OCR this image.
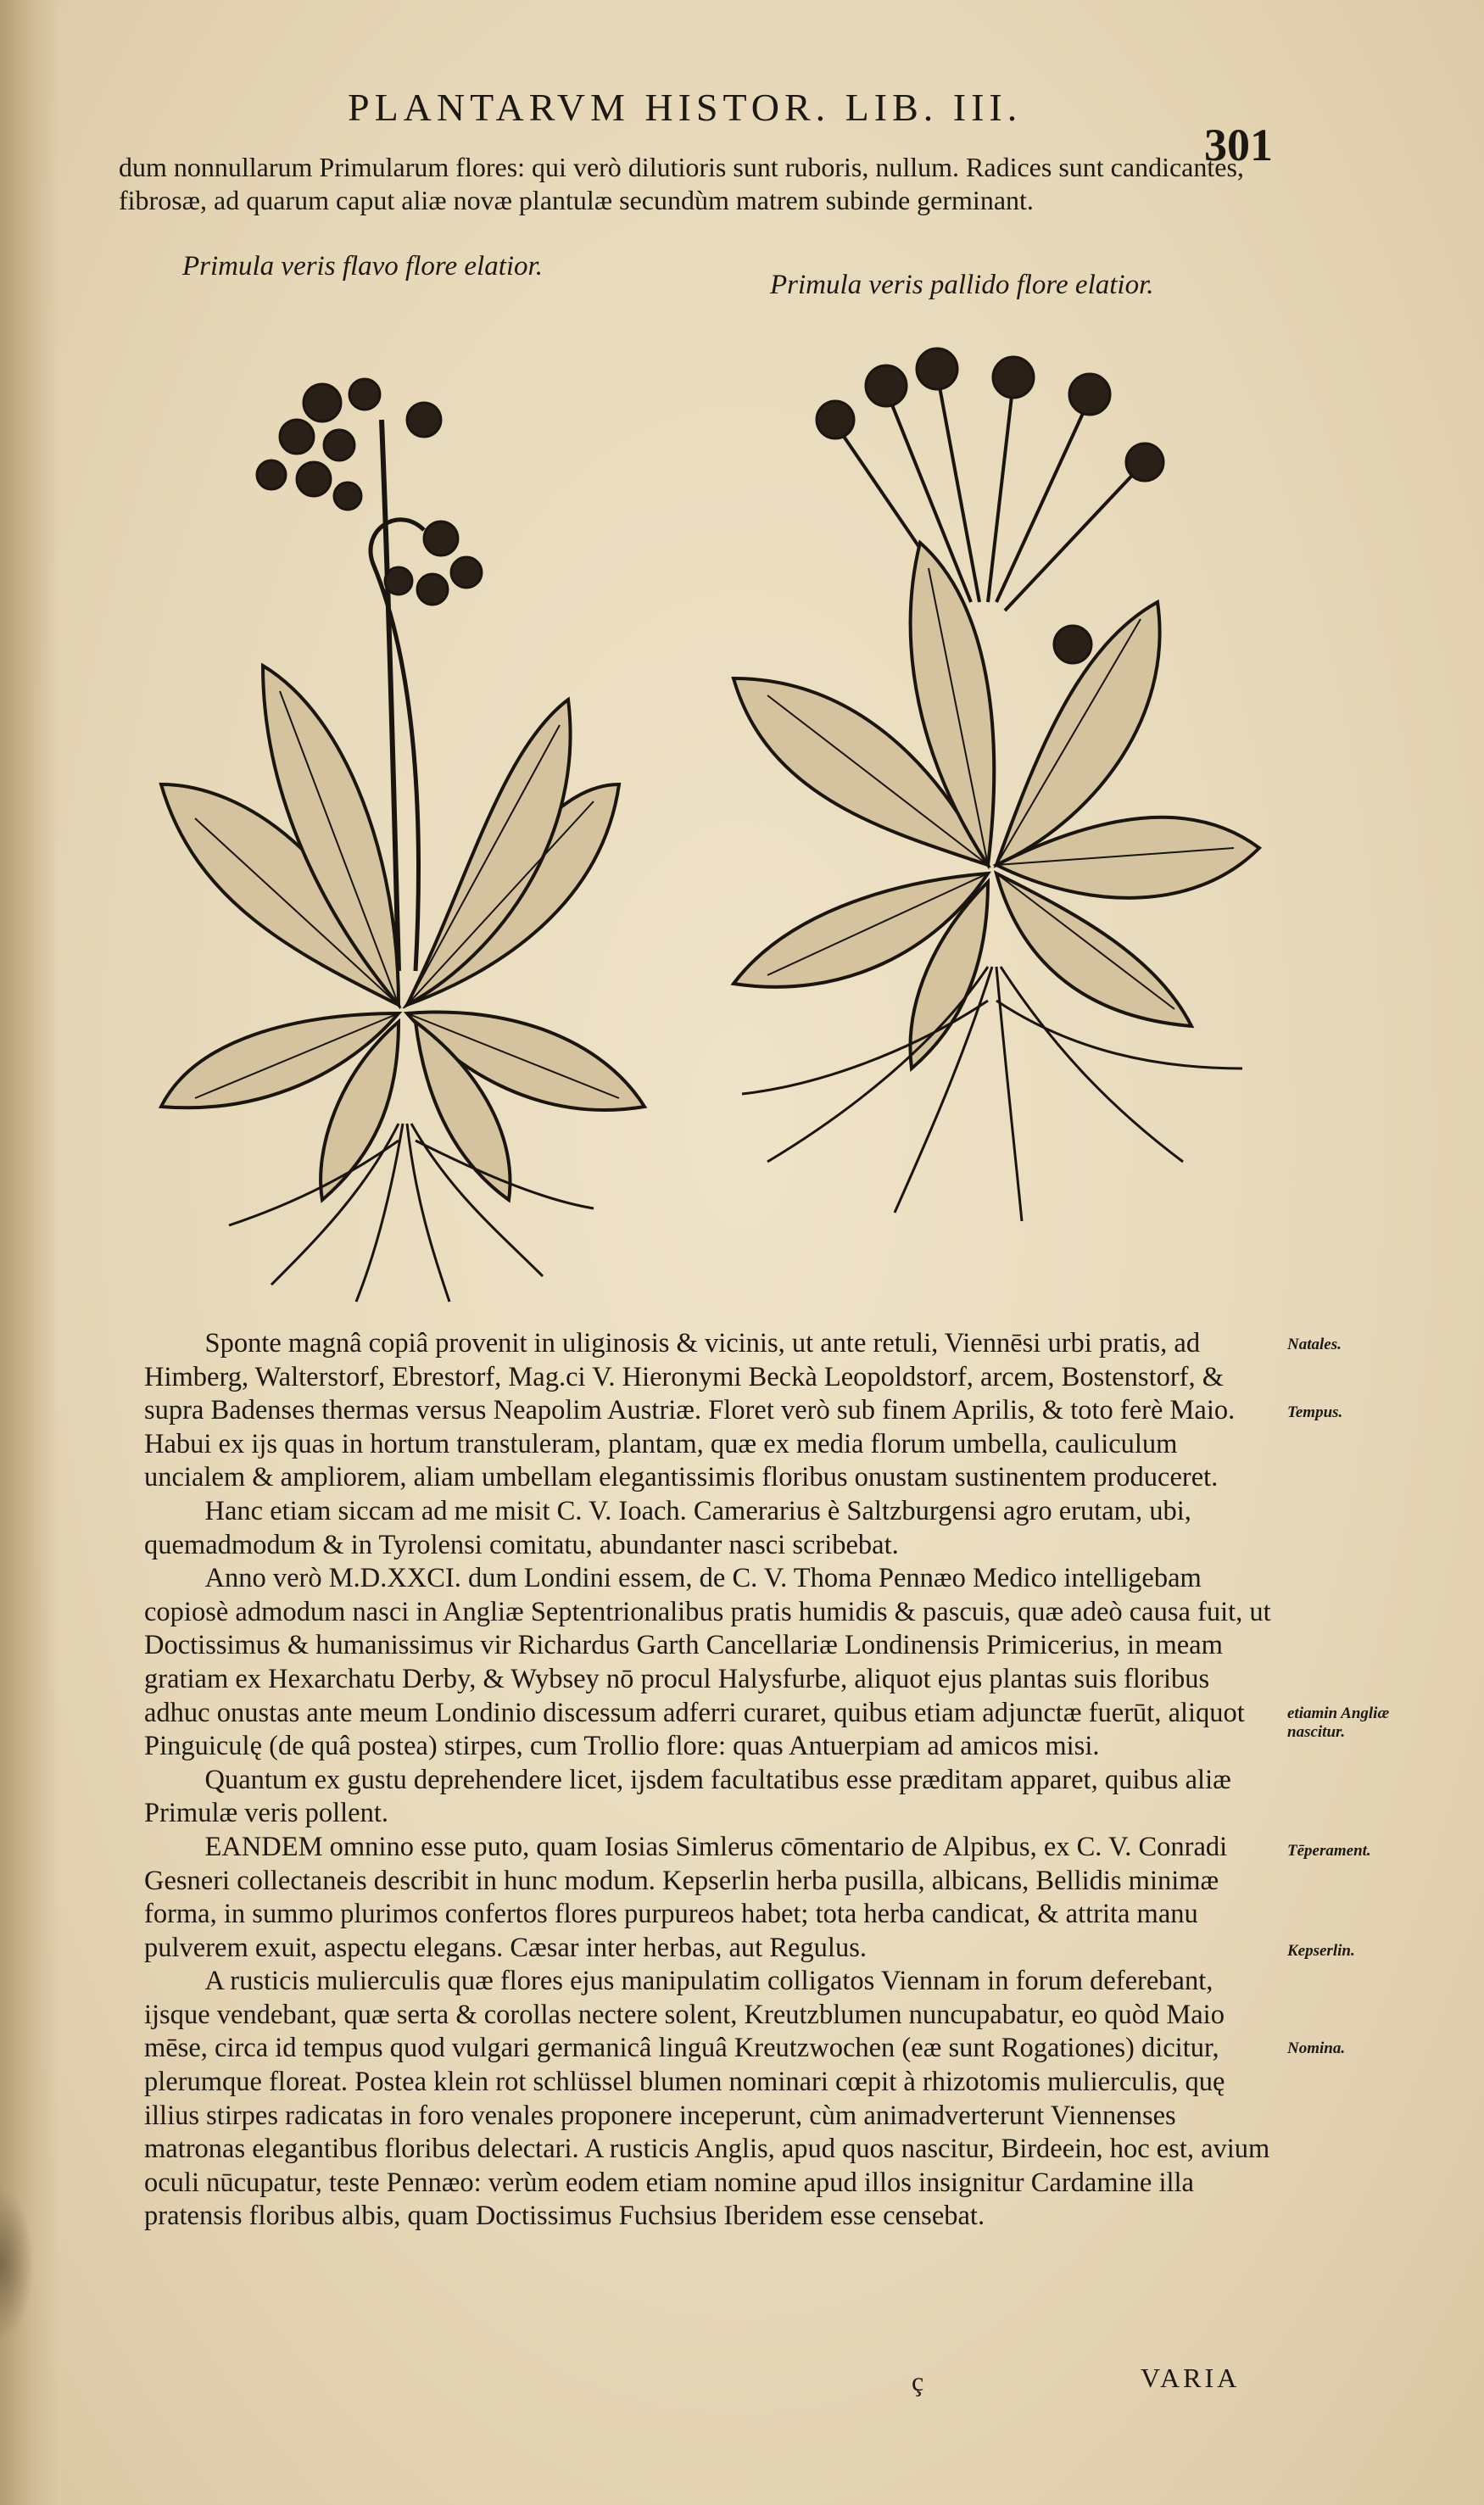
PLANTARVM HISTOR. LIB. III.
301
dum nonnullarum Primularum flores: qui verò dilutioris sunt ruboris, nullum. Radices sunt candicantes, fibrosæ, ad quarum caput aliæ novæ plantulæ secundùm matrem subinde germinant.
Primula veris flavo flore elatior.
Primula veris pallido flore elatior.

Sponte magnâ copiâ provenit in uliginosis & vicinis, ut ante retuli, Viennēsi urbi pratis, ad Himberg, Walterstorf, Ebrestorf, Mag.ci V. Hieronymi Beckà Leopoldstorf, arcem, Bostenstorf, & supra Badenses thermas versus Neapolim Austriæ. Floret verò sub finem Aprilis, & toto ferè Maio. Habui ex ijs quas in hortum transtuleram, plantam, quæ ex media florum umbella, cauliculum uncialem & ampliorem, aliam umbellam elegantissimis floribus onustam sustinentem produceret.

Hanc etiam siccam ad me misit C. V. Ioach. Camerarius è Saltzburgensi agro erutam, ubi, quemadmodum & in Tyrolensi comitatu, abundanter nasci scribebat.

Anno verò M.D.XXCI. dum Londini essem, de C. V. Thoma Pennæo Medico intelligebam copiosè admodum nasci in Angliæ Septentrionalibus pratis humidis & pascuis, quæ adeò causa fuit, ut Doctissimus & humanissimus vir Richardus Garth Cancellariæ Londinensis Primicerius, in meam gratiam ex Hexarchatu Derby, & Wybsey nō procul Halysfurbe, aliquot ejus plantas suis floribus adhuc onustas ante meum Londinio discessum adferri curaret, quibus etiam adjunctæ fuerūt, aliquot Pinguiculę (de quâ postea) stirpes, cum Trollio flore: quas Antuerpiam ad amicos misi.

Quantum ex gustu deprehendere licet, ijsdem facultatibus esse præditam apparet, quibus aliæ Primulæ veris pollent.

EANDEM omnino esse puto, quam Iosias Simlerus cōmentario de Alpibus, ex C. V. Conradi Gesneri collectaneis describit in hunc modum. Kepserlin herba pusilla, albicans, Bellidis minimæ forma, in summo plurimos confertos flores purpureos habet; tota herba candicat, & attrita manu pulverem exuit, aspectu elegans. Cæsar inter herbas, aut Regulus.

A rusticis mulierculis quæ flores ejus manipulatim colligatos Viennam in forum deferebant, ijsque vendebant, quæ serta & corollas nectere solent, Kreutzblumen nuncupabatur, eo quòd Maio mēse, circa id tempus quod vulgari germanicâ linguâ Kreutzwochen (eæ sunt Rogationes) dicitur, plerumque floreat. Postea klein rot schlüssel blumen nominari cœpit à rhizotomis mulierculis, quę illius stirpes radicatas in foro venales proponere inceperunt, cùm animadverterunt Viennenses matronas elegantibus floribus delectari. A rusticis Anglis, apud quos nascitur, Birdeein, hoc est, avium oculi nūcupatur, teste Pennæo: verùm eodem etiam nomine apud illos insignitur Cardamine illa pratensis floribus albis, quam Doctissimus Fuchsius Iberidem esse censebat.

Natales.
Tempus.
etiamin Angliæ nascitur.
Tēperament.
Kepserlin.
Nomina.
ç	VARIA
